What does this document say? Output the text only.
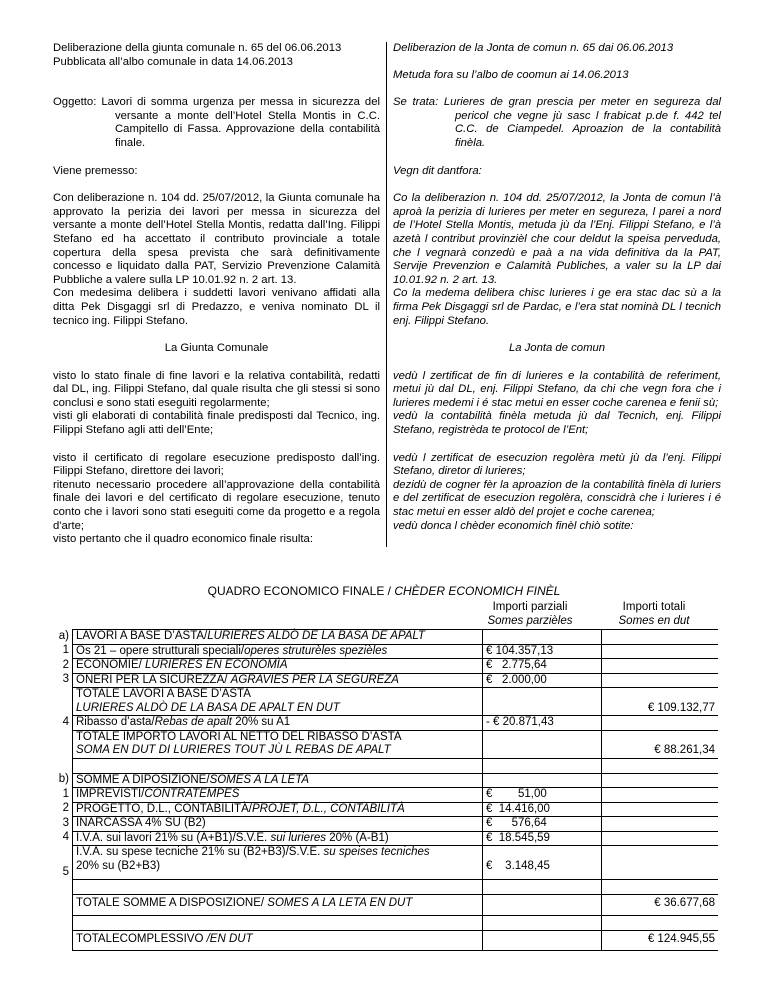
Deliberazione della giunta comunale n. 65 del 06.06.2013

Pubblicata all’albo comunale in data 14.06.2013

Deliberazion de la Jonta de comun n. 65 dai 06.06.2013

Metuda fora su l’albo de coomun ai 14.06.2013

Oggetto: Lavori di somma urgenza per messa in sicurezza del versante a monte dell’Hotel Stella Montis in C.C. Campitello di Fassa. Approvazione della contabilità finale.

Se trata: Lurieres de gran prescia per meter en segureza dal pericol che vegne jù sasc l frabicat p.de f. 442 tel C.C. de Ciampedel. Aproazion de la contabilità finèla.

Viene premesso:	Vegn dit dantfora:

Con deliberazione n. 104 dd. 25/07/2012, la Giunta comunale ha approvato la perizia dei lavori per messa in sicurezza del versante a monte dell’Hotel Stella Montis, redatta dall’Ing. Filippi Stefano ed ha accettato il contributo provinciale a totale copertura della spesa prevista che sarà definitivamente concesso e liquidato dalla PAT, Servizio Prevenzione Calamità Pubbliche a valere sulla LP 10.01.92 n. 2 art. 13.

Con medesima delibera i suddetti lavori venivano affidati alla ditta Pek Disgaggi srl di Predazzo, e veniva nominato DL il tecnico ing. Filippi Stefano.

Co la deliberazion n. 104 dd. 25/07/2012, la Jonta de comun l’à aproà la perizia di lurieres per meter en segureza, l parei a nord de l’Hotel Stella Montis, metuda jù da l’Enj. Filippi Stefano, e l’à azetà l contribut provinzièl che cour deldut la speisa perveduda, che l vegnarà conzedù e paà a na vida definitiva da la PAT, Servije Prevenzion e Calamità Publiches, a valer su la LP dai 10.01.92 n. 2 art. 13.

Co la medema delibera chisc lurieres i ge era stac dac sù a la firma Pek Disgaggi srl de Pardac, e l’era stat nominà DL l tecnich enj. Filippi Stefano.

La Giunta Comunale	La Jonta de comun

visto lo stato finale di fine lavori e la relativa contabilità, redatti dal DL, ing. Filippi Stefano, dal quale risulta che gli stessi si sono conclusi e sono stati eseguiti regolarmente;

visti gli elaborati di contabilità finale predisposti dal Tecnico, ing. Filippi Stefano agli atti dell’Ente;

vedù l zertificat de fin di lurieres e la contabilità de referiment, metui jù dal DL, enj. Filippi Stefano, da chi che vegn fora che i lurieres medemi i é stac metui en esser coche carenea e fenii sù;

vedù la contabilità finèla metuda jù dal Tecnich, enj. Filippi Stefano, registrèda te protocol de l’Ent;

visto il certificato di regolare esecuzione predisposto dall’ing. Filippi Stefano, direttore dei lavori;

ritenuto necessario procedere all’approvazione della contabilità finale dei lavori e del certificato di regolare esecuzione, tenuto conto che i lavori sono stati eseguiti come da progetto e a regola d'arte;

visto pertanto che il quadro economico finale risulta:

vedù l zertificat de esecuzion regolèra metù jù da l’enj. Filippi Stefano, diretor di lurieres;

dezidù de cogner fèr la aproazion de la contabilità finèla di luriers e del zertificat de esecuzion regolèra, conscidrà che i lurieres i é stac metui en esser aldò del projet e coche carenea;

vedù donca l chèder economich finèl chiò sotite:

QUADRO ECONOMICO FINALE / CHÈDER ECONOMICH FINÈL
Importi parziali
Somes parzièles
Importi totali
Somes en dut
a)	LAVORI A BASE D’ASTA/LURIERES ALDÒ DE LA BASA DE APALT		
1	Os 21 – opere strutturali speciali/operes struturèles spezièles	€ 104.357,13	
2	ECONOMIE/ LURIERES EN ECONOMÌA	€   2.775,64	
3	ONERI PER LA SICUREZZA/ AGRAVIES PER LA SEGUREZA	€   2.000,00	

	TOTALE LAVORI A BASE D’ASTA
LURIERES ALDÒ DE LA BASA DE APALT EN DUT		€ 109.132,77
4	Ribasso d’asta/Rebas de apalt 20% su A1	- € 20.871,43	

	TOTALE IMPORTO LAVORI AL NETTO DEL RIBASSO D’ASTA
SOMA EN DUT DI LURIERES TOUT JÙ L REBAS DE APALT		€ 88.261,34

b)	SOMME A DIPOSIZIONE/SOMES A LA LETA		
1	IMPREVISTI/CONTRATEMPES	€        51,00	
2	PROGETTO, D.L., CONTABILITÀ/PROJET, D.L., CONTABILITÀ	€  14.416,00	
3	INARCASSA 4% SU (B2)	€      576,64	
4	I.V.A. sui lavori 21% su (A+B1)/S.V.E. sui lurieres 20% (A-B1)	€  18.545,59	
5	I.V.A. su spese tecniche 21% su (B2+B3)/S.V.E. su speises tecniches
20% su (B2+B3)	€    3.148,45	

	TOTALE SOMME A DISPOSIZIONE/ SOMES A LA LETA EN DUT		€ 36.677,68

	TOTALECOMPLESSIVO /EN DUT		€ 124.945,55
